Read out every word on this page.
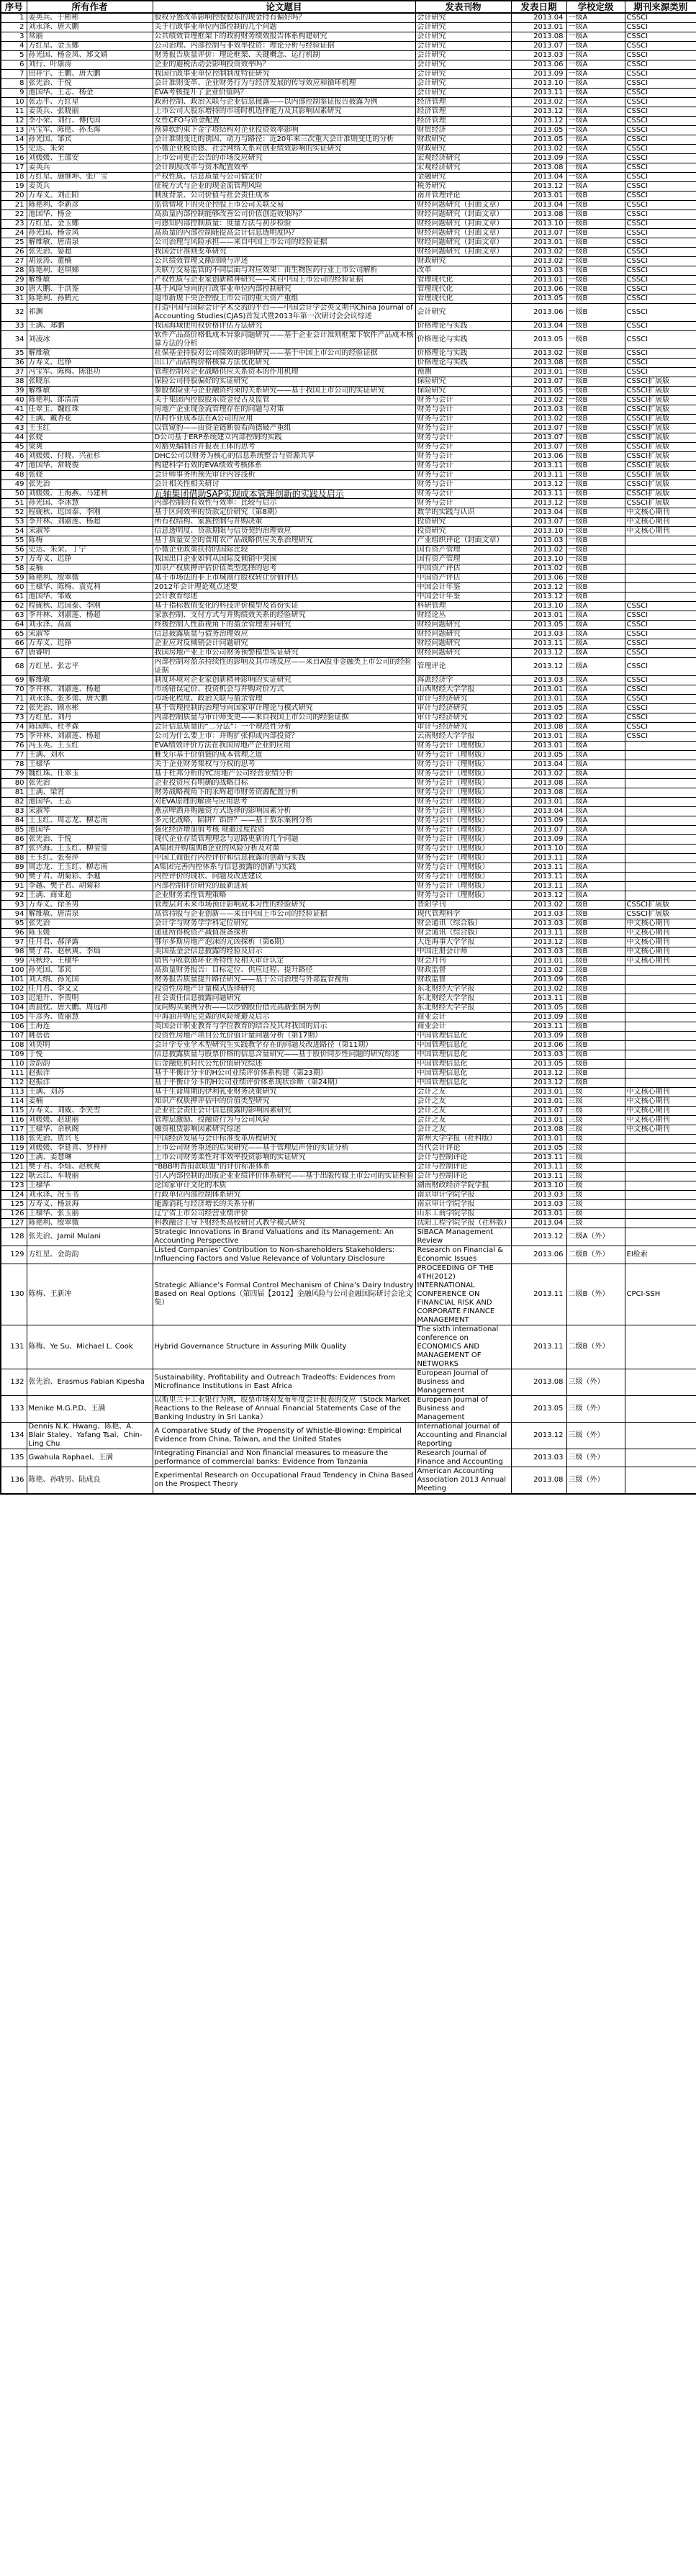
序号	所有作者	论文题目	发表刊物	发表日期	学校定级	期刊来源类别
1	姜英兵、于彬彬	股权分置改革影响控股股东的现金持有偏好吗？	会计研究	2013.04	一级A	CSSCI
2	刘永泽、唐大鹏	关于行政事业单位内部控制的几个问题	会计研究	2013.01	一级A	CSSCI
3	常丽	公共绩效管理框架下的政府财务绩效报告体系构建研究	会计研究	2013.08	一级A	CSSCI
4	方红星、金玉娜	公司治理、内部控制与非效率投资：理论分析与经验证据	会计研究	2013.07	一级A	CSSCI
5	孙光国、杨金凤、郑文婧	财务报告质量评价：理论框架、关键概念、运行机制	会计研究	2013.03	一级A	CSSCI
6	刘行、叶康涛	企业的避税活动会影响投资效率吗？	会计研究	2013.06	一级A	CSSCI
7	田祥宇、王鹏、唐大鹏	我国行政事业单位控制制度特征研究	会计研究	2013.09	一级A	CSSCI
8	张先治、于悦	会计准则变革、企业财务行为与经济发展的传导效应和循环机理	会计研究	2013.10	一级A	CSSCI
9	池国华、王志、杨金	EVA考核提升了企业价值吗？	会计研究	2013.11	一级A	CSSCI
10	张志平、方红星	政府控制、政治关联与企业信息披露——以内部控制鉴证报告披露为例	经济管理	2013.02	一级A	CSSCI
11	姜英兵、张晓丽	上市公司大股东增持的市场时机选择能力及其影响因素研究	经济管理	2013.12	一级A	CSSCI
12	李小荣、刘行、傅代国	女性CFO与资金配置	经济管理	2013.12	一级A	CSSCI
13	冯宝军、陈艳、孙丕海	预算软约束下金字塔结构对企业投资效率影响	财贸经济	2013.05	一级A	CSSCI
14	孙光国、邹宾	会计准则变迁的诱因、动力与路径：近20年来三次重大会计准则变迁的分析	财政研究	2013.05	一级A	CSSCI
15	史达、朱荣	小微企业税负感、社会网络关系对创业绩效影响的实证研究	财政研究	2013.02	一级A	CSSCI
16	刘媛媛、王邵安	上市公司更正公告的市场反应研究	宏观经济研究	2013.09	一级A	CSSCI
17	姜英兵	会计制度改革与资本配置效率	宏观经济研究	2013.08	一级A	CSSCI
18	方红星、施继坤、张广宝	产权性质、信息质量与公司债定价	金融研究	2013.04	一级A	CSSCI
19	姜英兵	征税方式与企业的现金流管理风险	税务研究	2013.12	一级A	CSSCI
20	万寿义、刘正阳	制度背景、公司价值与社会责任成本	南开管理评论	2013.01	一级B	CSSCI
21	陈艳利、李新彦	监管情境下的央企控股上市公司关联交易	财经问题研究（封面文章）	2013.04	一级B	CSSCI
22	池国华、杨金	高质量内部控制能够改善公司价值创造效果吗？	财经问题研究（封面文章）	2013.08	一级B	CSSCI
23	方红星、金玉娜	可感知内部控制质量：度量方法与初步检验	财经问题研究（封面文章）	2013.10	一级B	CSSCI
24	孙光国、杨金凤	高质量的内部控制能提高会计信息透明度吗？	财经问题研究（封面文章）	2013.07	一级B	CSSCI
25	解维敏、唐清泉	公司治理与风险承担——来自中国上市公司的经验证据	财经问题研究（封面文章）	2013.01	一级B	CSSCI
26	张先治、晏超	我国会计准则变革研究	财经问题研究（封面文章）	2013.02	一级B	CSSCI
27	胡景涛、董楠	公共绩效管理文献回顾与评述	财政研究	2013.02	一级B	CSSCI
28	陈艳利、赵琪娣	关联方交易监管的不同层面与对应效果：由生物医药行业上市公司解析	改革	2013.03	一级B	CSSCI
29	解维敏	产权性质与企业家创新精神研究——来自中国上市公司的经验证据	管理现代化	2013.01	一级B	CSSCI
30	唐大鹏、于洪鉴	基于风险导向的行政事业单位内部控制研究	管理现代化	2013.06	一级B	CSSCI
31	陈艳利、孙鹤元	退市新规下央企控股上市公司的重大资产重组	管理现代化	2013.05	一级B	CSSCI
32	祁渊	打造中国与国际会计学术交流的平台——中国会计学会英文期刊China Journal of Accounting Studies(CJAS)首发式暨2013年第一次研讨会会议综述	会计研究	2013.06	一级B	CSSCI
33	王满、郑鹏	我国海域使用权价格评估方法研究	价格理论与实践	2013.04	一级B	CSSCI
34	刘凌冰	软件产品高价格低成本异象问题研究——基于企业会计准则框架下软件产品成本核算方法的分析	价格理论与实践	2013.05	一级B	CSSCI
35	解维敏	社保基金持股对公司绩效的影响研究——基于中国上市公司的经验证据	价格理论与实践	2013.02	一级B	CSSCI
36	万寿义、迟铮	出口产品结构价格核算方法优化研究	价格理论与实践	2013.08	一级B	CSSCI
37	冯宝军、陈梅、陈银功	管理控制对企业战略供应关系资本的作用机理	预测	2013.01	一级B	CSSCI
38	张晓东	保险公司持股偏好的实证研究	保险研究	2013.07	一级B	CSSCI扩展版
39	解维敏	参股保险业与企业融资约束的关系研究——基于我国上市公司的实证研究	保险研究	2013.05	一级B	CSSCI扩展版
40	陈艳利、郎清清	关于集团内控股股东资金侵占及监管	财务与会计	2013.02	一级B	CSSCI扩展版
41	任翠玉、魏红珠	房地产企业现金流管理存在的问题与对策	财务与会计	2013.03	一级B	CSSCI扩展版
42	王满、戴杏花	估时作业成本法在A公司的应用	财务与会计	2013.02	一级B	CSSCI扩展版
43	王玉红	以管窥豹——由资金链断裂看尚德破产重组	财务与会计	2013.07	一级B	CSSCI扩展版
44	张娆	D公司基于ERP系统建立内部控制的实践	财务与会计	2013.07	一级B	CSSCI扩展版
45	梁爽	对豁免编制合并报表主体的思考	财务与会计	2013.07	一级B	CSSCI扩展版
46	刘媛媛、付晓、兴祉杉	DHC公司以财务为核心的信息系统整合与资源共享	财务与会计	2013.06	一级B	CSSCI扩展版
47	池国华、常晓俊	构建科学有效的EVA绩效考核体系	财务与会计	2013.11	一级B	CSSCI扩展版
48	张娆	会计师事务所预先审计内容浅析	财务与会计	2013.11	一级B	CSSCI扩展版
49	张先治	会计相关性相关研讨	财务与会计	2013.12	一级B	CSSCI扩展版
50	刘媛媛、王海燕、马建利	瓦轴集团借助SAP实现成本管理创新的实践及启示	财务与会计	2013.11	一级B	CSSCI扩展版
51	孙光国、李冰慧	内部控制的有效性与效率：比较与启示	财务与会计	2013.12	一级B	CSSCI扩展版
52	程砚秋、迟国泰、李刚	基于区间效率的贷款定价研究（第8期）	数学的实践与认识	2013.04	一级B	中文核心期刊
53	李井林、刘淑莲、杨超	所有权结构、家族控制与并购决策	投资研究	2013.07	一级B	中文核心期刊
54	宋淑琴	信息透明度、贷款期限与信贷契约治理效应	投资研究	2013.10	一级B	中文核心期刊
55	陈梅	基于质量安全的食用农产品战略供应关系治理研究	产业组织评论（封面文章）	2013.03	一级B	
56	史达、朱荣、丁宁	小微企业政策扶持的国际比较	国有资产管理	2013.02	一级B	
57	万寿义、迟铮	我国出口企业如何从国际反倾销中突围	国有资产管理	2013.10	一级B	
58	姜楠	知识产权质押评估价值类型选择的思考	中国资产评估	2013.02	一级B	
59	陈艳利、殷翠微	基于市场法的非上市城商行股权转让价值评估	中国资产评估	2013.06	一级B	
60	王棣华、陈梅、袁克利	2012年会计理论观点述要	中国会计年鉴	2013.12	一级B	
61	池国华、邹威	会计教育综述	中国会计年鉴	2013.12	一级B	
62	程砚秋、迟国泰、李刚	基于指标数值变化的科技评价模型及省份实证	科研管理	2013.10	二级A	CSSCI
63	李井林、刘淑莲、杨超	家族控制、支付方式与并购绩效关系的经验研究	财经论丛	2013.01	二级A	CSSCI
64	刘永泽、高嵩	终极控制人性质视角下的盈余管理差异研究	财经问题研究	2013.05	二级A	CSSCI
65	宋淑琴	信息披露质量与债务治理效应	财经问题研究	2013.03	二级A	CSSCI
66	万寿义、迟铮	企业应对反倾销会计问题研究	财经问题研究	2013.11	二级A	CSSCI
67	唐睿明	我国房地产业上市公司财务预警模型实证研究	财经问题研究	2013.12	二级A	CSSCI
68	方红星、张志平	内部控制对盈余持续性的影响及其市场反应——来自A股非金融类上市公司的经验证据	管理评论	2013.12	二级A	CSSCI
69	解维敏	制度环境对企业家创新精神影响的实证研究	海派经济学	2013.03	二级A	CSSCI
70	李井林、刘淑莲、杨超	市场错误定价、投资机会与并购对价方式	山西财经大学学报	2013.01	二级A	CSSCI
71	刘永泽、张多蕾、唐大鹏	市场化程度、政治关联与盈余管理	审计与经济研究	2013.01	二级A	CSSCI
72	张先治、顾水彬	基于管理控制的治理导向国家审计理论与模式研究	审计与经济研究	2013.05	二级A	CSSCI
73	方红星、刘丹	内部控制质量与审计师变更——来自我国上市公司的经验证据	审计与经济研究	2013.02	二级A	CSSCI
74	陈国辉、杜孝森	会计信息质量的“二分法”：一个规范性分析	审计与经济研究	2013.08	二级A	CSSCI
75	李井林、刘淑莲、杨超	公司为什么要上市：并购扩张抑或内部投资？	云南财经大学学报	2013.01	二级A	CSSCI
76	冯玉英、王玉红	EVA绩效评价方法在我国房地产企业的应用	财务与会计（理财版）	2013.01	二级A	
77	王满、刘水	雅戈尔基于价值链的成本管理之道	财务与会计（理财版）	2013.05	二级A	
78	王棣华	关于企业财务集权与分权的思考	财务与会计（理财版）	2013.04	二级A	
79	魏红珠、任翠玉	基于杜邦分析的YC房地产公司经营业绩分析	财务与会计（理财版）	2013.02	二级A	
80	张先治	企业投资应有明确的战略目标	财务与会计（理财版）	2013.08	二级A	
81	王满、梁宵	财务战略视角下的永辉超市财务资源配置分析	财务与会计（理财版）	2013.08	二级A	
82	池国华、王志	对EVA原理的解读与应用思考	财务与会计（理财版）	2013.01	二级A	
83	宋淑琴	燕京啤酒并购融资方式选择的影响因素分析	财务与会计（理财版）	2013.04	二级A	
84	王玉红、周志龙、柳志南	多元化战略，陷阱？馅饼？——基于敖东案例分析	财务与会计（理财版）	2013.09	二级A	
85	池国华	强化经济增加值考核 规避过度投资	财务与会计（理财版）	2013.07	二级A	
86	张先治、于悦	现代企业存货管理理念与思路更新的几个问题	财务与会计（理财版）	2013.09	二级A	
87	张兴海、王玉红、柳莹莹	A集团并购瑞典B企业的风险分析及对策	财务与会计（理财版）	2013.10	二级A	
88	王玉红、张奏萍	中国工商银行内控评价和信息披露的创新与实践	财务与会计（理财版）	2013.11	二级A	
89	周志龙、王玉红、柳志南	A集团完善内控体系与信息披露的创新与实践	财务与会计（理财版）	2013.11	二级A	
90	樊子君、胡菊彩、李越	内控评价的现状、问题及改进建议	财务与会计（理财版）	2013.11	二级A	
91	李越、樊子君、胡菊彩	内部控制评价研究的最新进展	财务与会计（理财版）	2013.11	二级A	
92	王满、商亚超	企业财务柔性管理策略	财务与会计（理财版）	2013.12	二级A	
93	万寿义、徐圣男	管理层对未来市场预计影响成本习性的经验研究	晋阳学刊	2013.02	二级B	CSSCI扩展版
94	解维敏、唐清泉	高管持股与企业创新——来自中国上市公司的经验证据	现代管理科学	2013.03	二级B	CSSCI扩展版
95	张先治	会计学与财务学学科定位研究	财会通讯（综合版）	2013.03	二级B	中文核心期刊
96	陈玉媛	递延所得税资产减值准备探析	财会通讯（综合版）	2013.11	二级B	中文核心期刊
97	任月君、郝泽露	鄂尔多斯房地产泡沫的元凶探析（第6期）	大连海事大学学报	2013.12	二级B	中文核心期刊
98	樊子君、赵秋爽、李灿	美国基金会信息披露的经验及启示	中国注册会计师	2013.03	二级B	中文核心期刊
99	冯秋玲、王棣华	销售与收款循环业务特性及相关审计认定	财会月刊	2013.01	二级B	中文核心期刊
100	孙光国、邹宾	高质量财务报告：目标定位、供应过程、提升路径	财政监督	2013.02	二级B	
101	刘天纳、孙光国	财务报告质量提升路径研究——基于公司治理与外部监管视角	财政监督	2013.09	二级B	
102	任月君、李文文	投资性房地产计量模式选择研究	东北财经大学学报	2013.02	二级B	
103	迟旭升、李贺明	社会责任信息披露问题研究	东北财经大学学报	2013.11	二级B	
104	黄晨忱、唐大鹏、周远祎	反向购买案例分析——以沙钢股份借壳高新张铜为例	东北财经大学学报	2013.05	二级B	
105	牛彦秀、贾丽慧	中海油并购尼克森的风险规避及启示	商业会计	2013.09	二级B	
106	王海连	英国会计职业教育与学位教育的结合及其对我国的启示	商业会计	2013.11	二级B	
107	姚蓓蓓	投资性房地产项目公允价值计量问题分析（第17期）	中国管理信息化	2013.09	二级B	
108	刘英明	会计学专业学术型研究生实践教学存在的问题及改进路径（第11期）	中国管理信息化	2013.06	二级B	
109	于悦	信息披露质量与股票价格的信息含量研究——基于股价同步性问题的研究综述	中国管理信息化	2013.03	二级B	
110	金韵韵	后金融危机时代公允价值研究综述	中国管理信息化	2013.05	二级B	
111	赵振洋	基于平衡计分卡的H公司业绩评价体系构建（第23期）	中国管理信息化	2013.12	二级B	
112	赵振洋	基于平衡计分卡的H公司业绩评价体系现状诊断（第24期）	中国管理信息化	2013.12	二级B	
113	王满、刘苏	基于生命周期的伊利乳业财务决策研究	会计之友	2013.01	三级	中文核心期刊
114	姜楠	知识产权质押评估中的价值类型研究	会计之友	2013.01	三级	中文核心期刊
115	万寿义、刘威、李笑雪	企业社会责任会计信息披露的影响因素研究	会计之友	2013.07	三级	中文核心期刊
116	刘媛媛、赵建丽	管理层激励、投融资行为与公司风险	会计之友	2013.01	三级	中文核心期刊
117	王棣华、余秋阁	融资租赁影响因素研究综述	会计之友	2013.08	三级	中文核心期刊
118	张先治、贾兴飞	中国经济发展与会计标准变革历程研究	常州大学学报（社科版）	2013.01	三级	
119	刘媛媛、李延喜、罗样样	上市公司财务重述的后果研究——基于管理层声誉的实证分析	当代会计评论	2013.05	三级	
120	王满、姜慧琳	上市公司财务柔性对非效率投资影响的实证研究	会计与控制评论	2013.11	三级	
121	樊子君、李灿、赵秋爽	“BBB明智捐款联盟”的评价标准体系	会计与控制评论	2013.11	三级	
122	耿云江、车晓丽	引入内部控制的出版企业业绩评价体系研究——基于出版传媒上市公司的实证检验	会计与控制评论	2013.11	三级	
123	王棣华	论国家审计文化的本质	湖南财政经济学院学报	2013.10	三级	
124	刘永泽、况玉书	行政单位内部控制体系研究	南京审计学院学报	2013.03	三级	
125	万寿义、杨景海	能源消耗与经济增长的关系分析	南京审计学院学报	2013.03	三级	
126	王棣华、张玉丽	辽宁省上市公司经营业绩评价	山东工商学院学报	2013.01	三级	
127	陈艳利、殷翠微	科教融合主导下财经类高校研讨式教学模式研究	沈阳工程学院学报（社科版）	2013.04	三级	
128	张先治、Jamil Mulani	Strategic Innovations in Brand Valuations and its Management: An Accounting Perspective	SIBACA Management Review	2013.12	二级A（外）	
129	方红星、金韵韵	Listed Companies’ Contribution to Non-shareholders Stakeholders: Influencing Factors and Value Relevance of Voluntary Disclosure	Research on Financial & Economic Issues	2013.06	二级B（外）	EI检索
130	陈梅、王新冲	Strategic Alliance’s Formal Control Mechanism of China’s Dairy Industry Based on Real Options（第四届【2012】金融风险与公司金融国际研讨会论文集）	PROCEEDING OF THE 4TH(2012) INTERNATIONAL CONFERENCE ON FINANCIAL RISK AND CORPORATE FINANCE MANAGEMENT	2013.11	二级B（外）	CPCI-SSH
131	陈梅、Ye Su、Michael L. Cook	Hybrid Governance Structure in Assuring Milk Quality	The sixth international conference on ECONOMICS AND MANAGEMENT OF NETWORKS	2013.11	二级B（外）	
132	张先治、Erasmus Fabian Kipesha	Sustainability, Profitability and Outreach Tradeoffs: Evidences from Microfinance Institutions in East Africa	European Journal of Business and Management	2013.08	三级（外）	
133	Menike M.G.P.D、王满	以斯里兰卡工业银行为例，股票市场对发布年度会计报表的反应（Stock Market Reactions to the Release of Annual Financial Statements Case of the Banking Industry in Sri Lanka）	European Journal of Business and Management	2013.05	三级（外）	
134	Dennis N.K. Hwang、陈艳、A. Blair Staley、Yafang Tsai、Chin-Ling Chu	A Comparative Study of the Propensity of Whistle-Blowing: Empirical Evidence from China, Taiwan, and the United States	International Journal of Accounting and Financial Reporting	2013.12	三级（外）	
135	Gwahula Raphael、王满	Integrating Financial and Non financial measures to measure the performance of commercial banks: Evidence from Tanzania	Research Journal of Finance and Accounting	2013.03	三级（外）	
136	陈艳、孙晓男、陆成良	Experimental Research on Occupational Fraud Tendency in China Based on the Prospect Theory	American Accounting Association 2013 Annual Meeting	2013.08	三级（外）	
